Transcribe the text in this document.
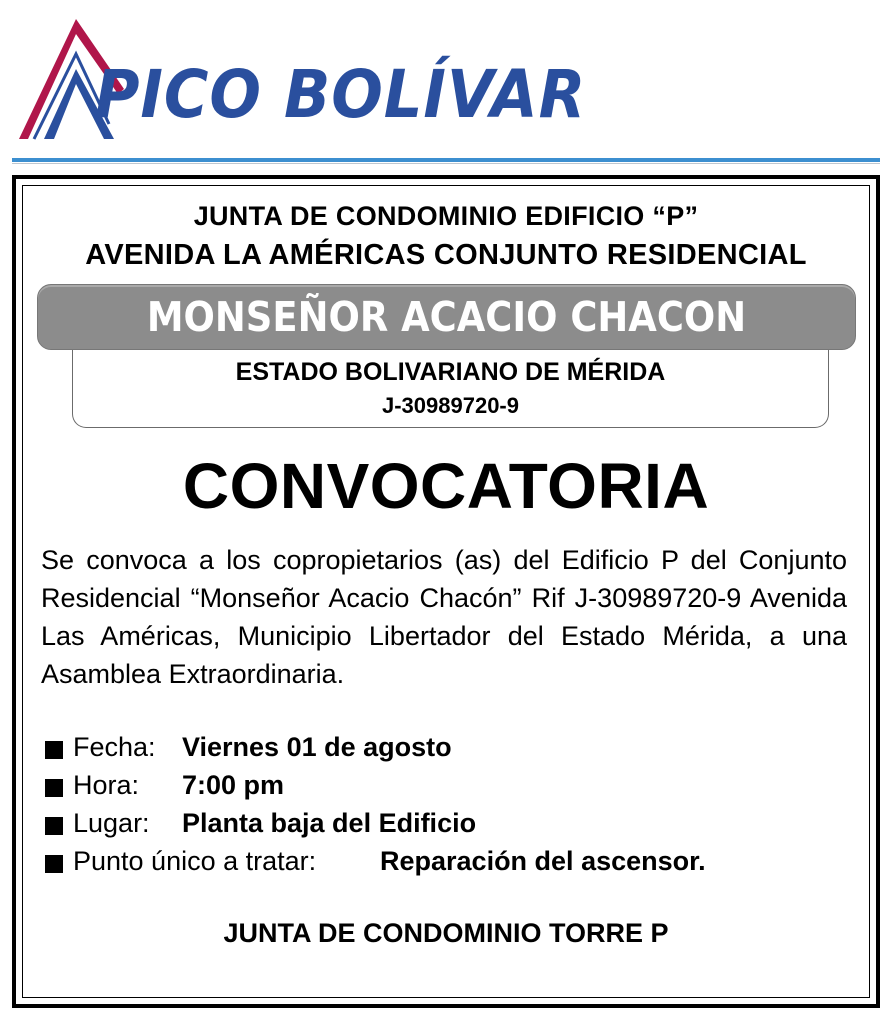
PICO BOLÍVAR
JUNTA DE CONDOMINIO EDIFICIO “P”
AVENIDA LA AMÉRICAS CONJUNTO RESIDENCIAL
MONSEÑOR ACACIO CHACON
ESTADO BOLIVARIANO DE MÉRIDA
J-30989720-9
CONVOCATORIA
Se convoca a los copropietarios (as) del Edificio P del Conjunto Residencial “Monseñor Acacio Chacón” Rif J-30989720-9 Avenida Las Américas, Municipio Libertador del Estado Mérida, a una Asamblea Extraordinaria.
Fecha: Viernes 01 de agosto
Hora: 7:00 pm
Lugar: Planta baja del Edificio
Punto único a tratar: Reparación del ascensor.
JUNTA DE CONDOMINIO TORRE P
